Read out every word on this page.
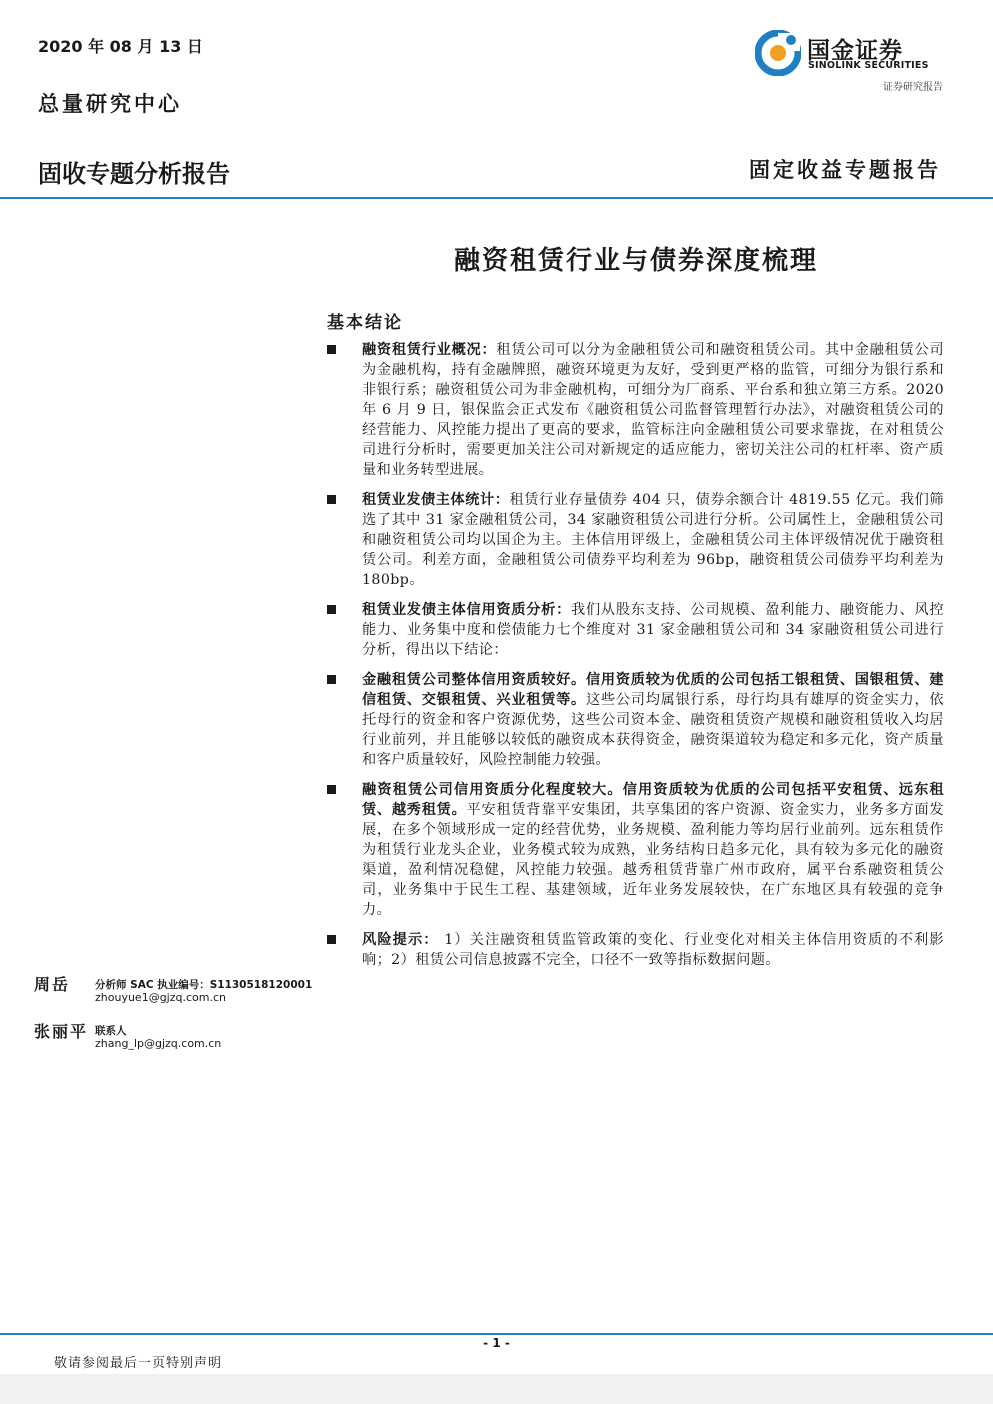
2020 年 08 月 13 日
总量研究中心
固收专题分析报告	固定收益专题报告
国金证券
SINOLINK SECURITIES
证券研究报告
融资租赁行业与债券深度梳理
基本结论
融资租赁行业概况：租赁公司可以分为金融租赁公司和融资租赁公司。其中金融租赁公司为金融机构，持有金融牌照，融资环境更为友好，受到更严格的监管，可细分为银行系和非银行系；融资租赁公司为非金融机构，可细分为厂商系、平台系和独立第三方系。2020 年 6 月 9 日，银保监会正式发布《融资租赁公司监督管理暂行办法》，对融资租赁公司的经营能力、风控能力提出了更高的要求，监管标注向金融租赁公司要求靠拢，在对租赁公司进行分析时，需要更加关注公司对新规定的适应能力，密切关注公司的杠杆率、资产质量和业务转型进展。
租赁业发债主体统计：租赁行业存量债券 404 只，债券余额合计 4819.55 亿元。我们筛选了其中 31 家金融租赁公司，34 家融资租赁公司进行分析。公司属性上，金融租赁公司和融资租赁公司均以国企为主。主体信用评级上，金融租赁公司主体评级情况优于融资租赁公司。利差方面，金融租赁公司债券平均利差为 96bp，融资租赁公司债券平均利差为 180bp。
租赁业发债主体信用资质分析：我们从股东支持、公司规模、盈利能力、融资能力、风控能力、业务集中度和偿债能力七个维度对 31 家金融租赁公司和 34 家融资租赁公司进行分析，得出以下结论：
金融租赁公司整体信用资质较好。信用资质较为优质的公司包括工银租赁、国银租赁、建信租赁、交银租赁、兴业租赁等。这些公司均属银行系，母行均具有雄厚的资金实力，依托母行的资金和客户资源优势，这些公司资本金、融资租赁资产规模和融资租赁收入均居行业前列，并且能够以较低的融资成本获得资金，融资渠道较为稳定和多元化，资产质量和客户质量较好，风险控制能力较强。
融资租赁公司信用资质分化程度较大。信用资质较为优质的公司包括平安租赁、远东租赁、越秀租赁。平安租赁背靠平安集团，共享集团的客户资源、资金实力，业务多方面发展，在多个领域形成一定的经营优势，业务规模、盈利能力等均居行业前列。远东租赁作为租赁行业龙头企业，业务模式较为成熟，业务结构日趋多元化，具有较为多元化的融资渠道，盈利情况稳健，风控能力较强。越秀租赁背靠广州市政府，属平台系融资租赁公司，业务集中于民生工程、基建领域，近年业务发展较快，在广东地区具有较强的竞争力。
风险提示： 1）关注融资租赁监管政策的变化、行业变化对相关主体信用资质的不利影响；2）租赁公司信息披露不完全，口径不一致等指标数据问题。
周岳 分析师 SAC 执业编号：S1130518120001
zhouyue1@gjzq.com.cn
张丽平 联系人
zhang_lp@gjzq.com.cn
- 1 -
敬请参阅最后一页特别声明
